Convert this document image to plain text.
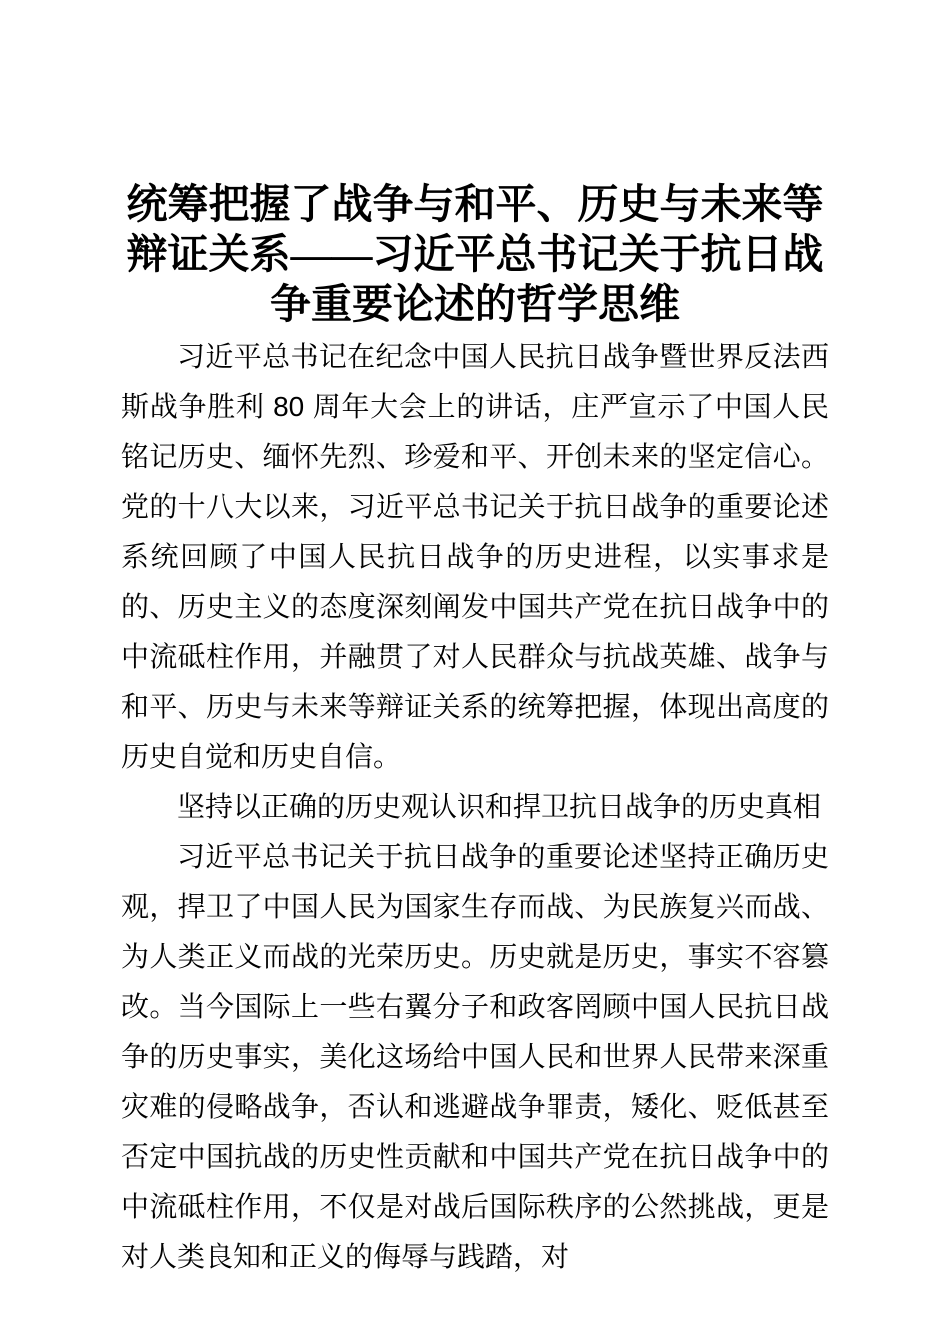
统筹把握了战争与和平、历史与未来等辩证关系——习近平总书记关于抗日战争重要论述的哲学思维

习近平总书记在纪念中国人民抗日战争暨世界反法西斯战争胜利 80 周年大会上的讲话，庄严宣示了中国人民铭记历史、缅怀先烈、珍爱和平、开创未来的坚定信心。党的十八大以来，习近平总书记关于抗日战争的重要论述系统回顾了中国人民抗日战争的历史进程，以实事求是的、历史主义的态度深刻阐发中国共产党在抗日战争中的中流砥柱作用，并融贯了对人民群众与抗战英雄、战争与和平、历史与未来等辩证关系的统筹把握，体现出高度的历史自觉和历史自信。

坚持以正确的历史观认识和捍卫抗日战争的历史真相

习近平总书记关于抗日战争的重要论述坚持正确历史观，捍卫了中国人民为国家生存而战、为民族复兴而战、为人类正义而战的光荣历史。历史就是历史，事实不容篡改。当今国际上一些右翼分子和政客罔顾中国人民抗日战争的历史事实，美化这场给中国人民和世界人民带来深重灾难的侵略战争，否认和逃避战争罪责，矮化、贬低甚至否定中国抗战的历史性贡献和中国共产党在抗日战争中的中流砥柱作用，不仅是对战后国际秩序的公然挑战，更是对人类良知和正义的侮辱与践踏，对
